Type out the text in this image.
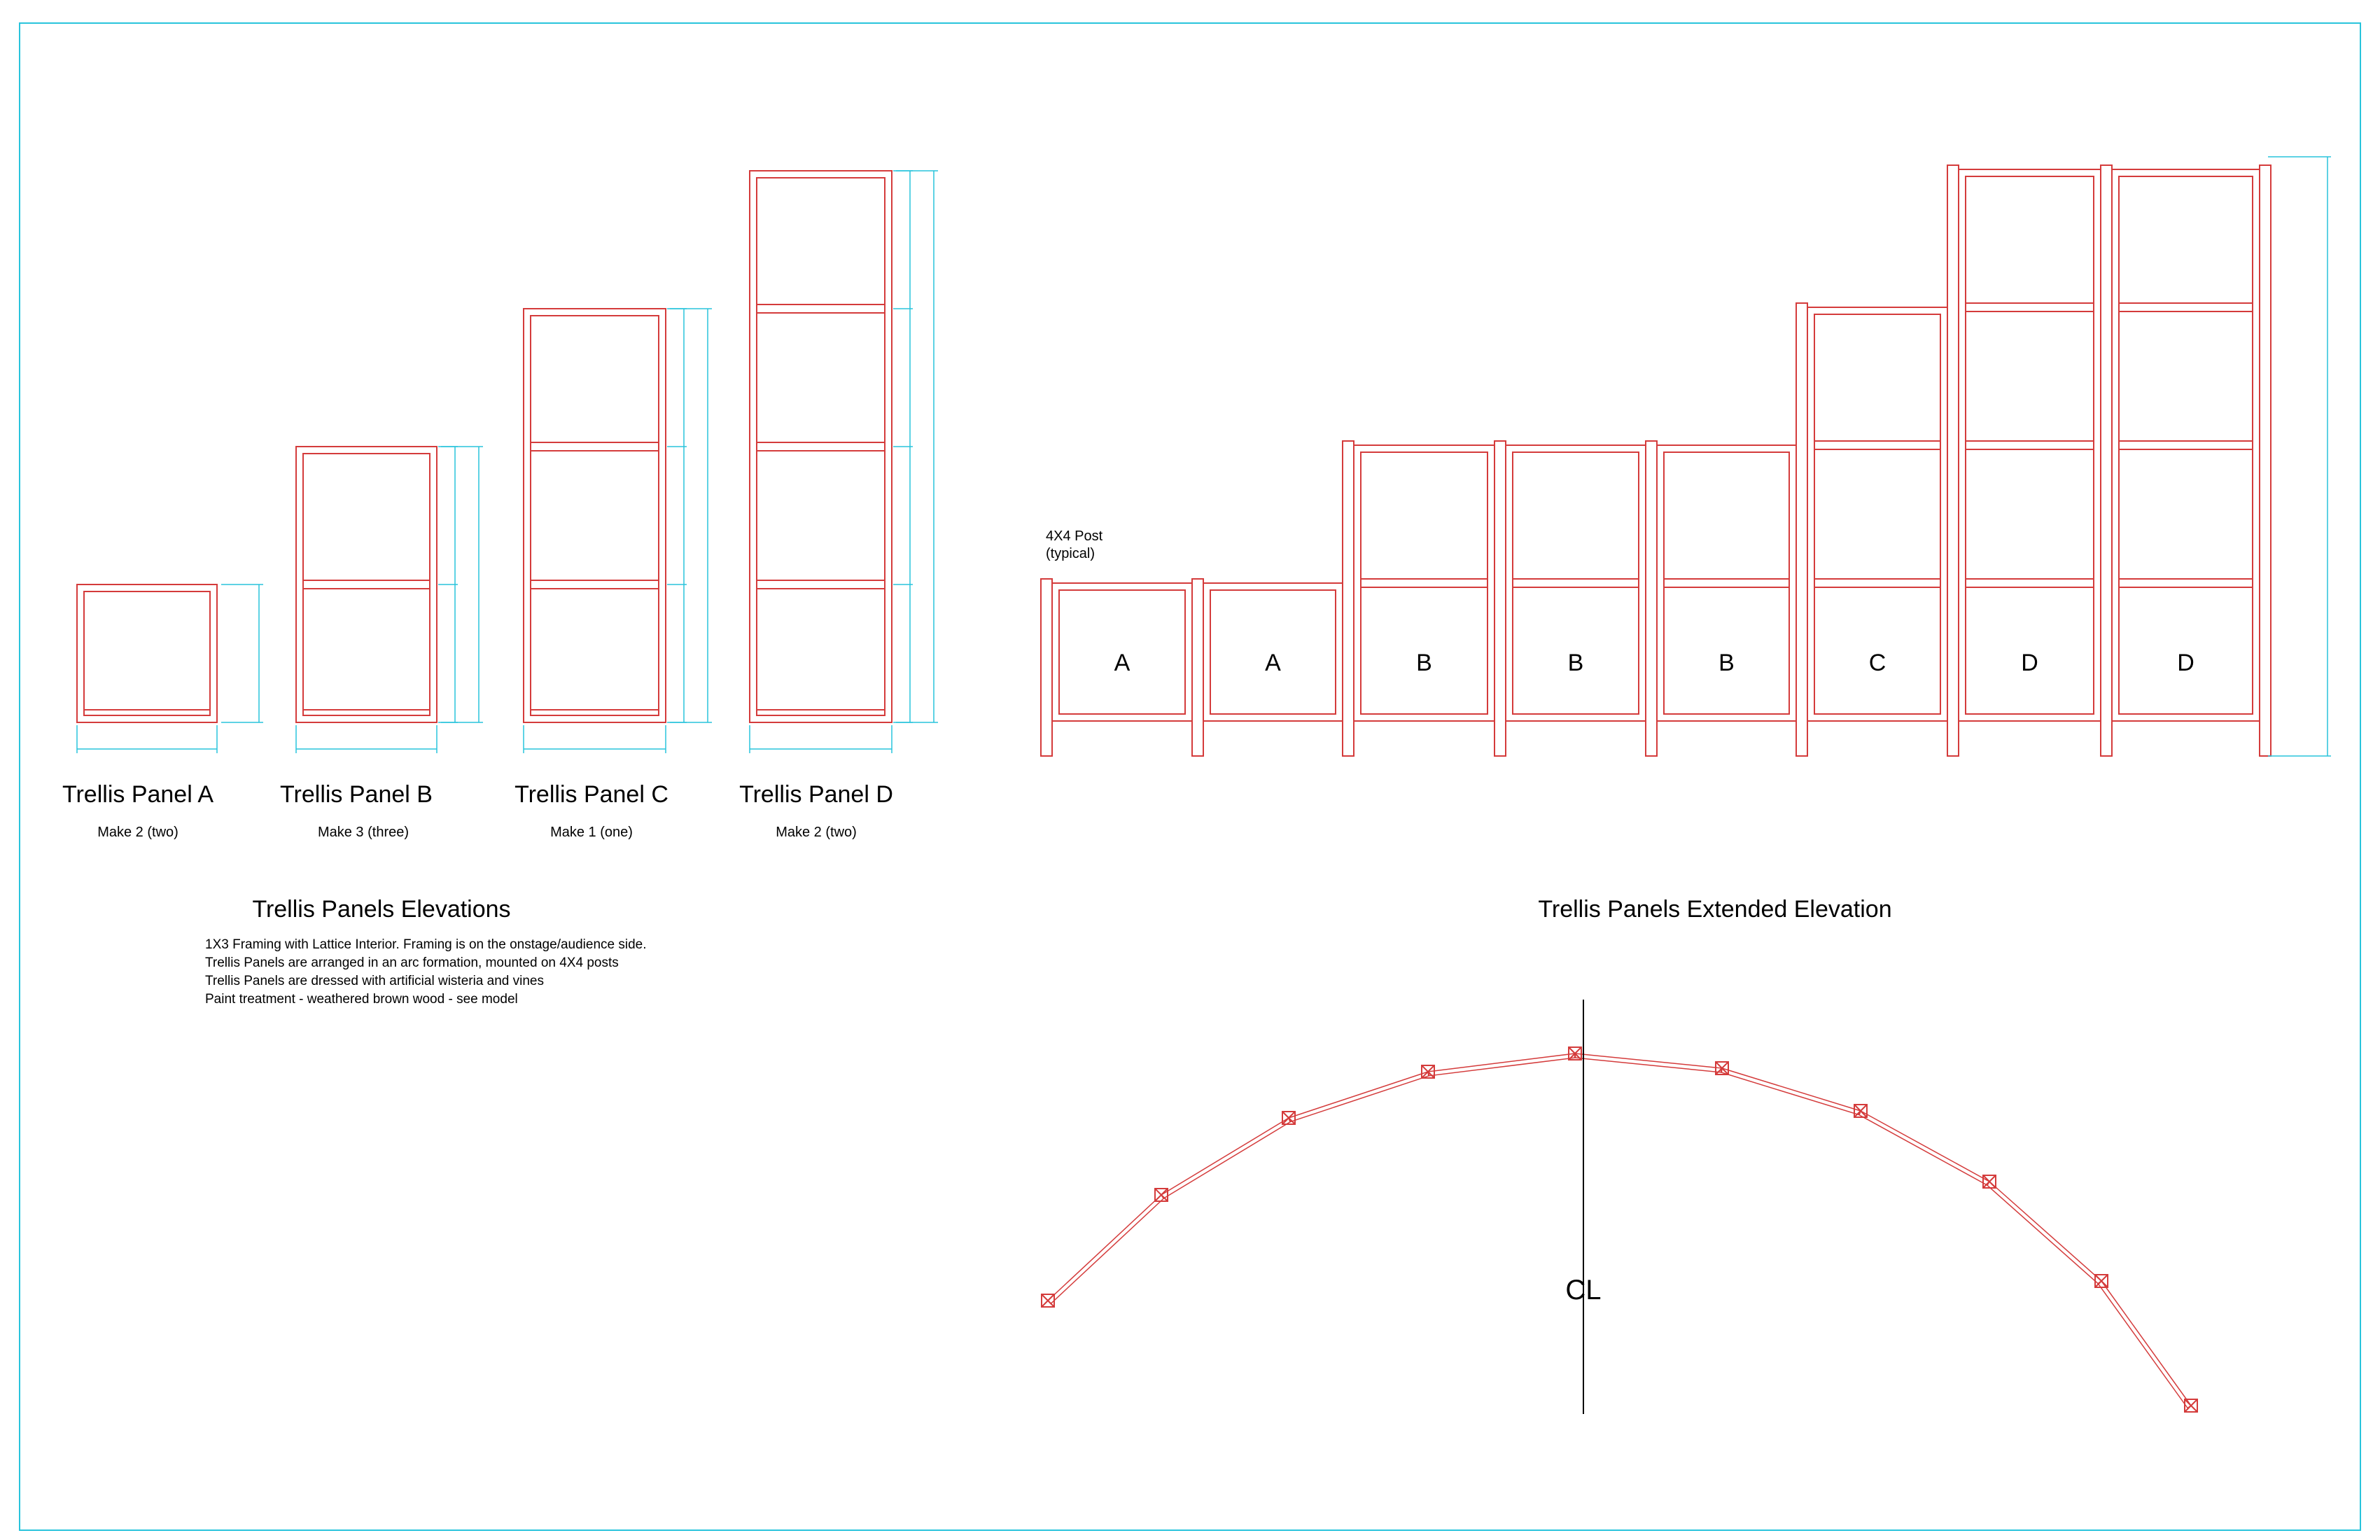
Trellis Panel A
Make 2 (two)
Trellis Panel B
Make 3 (three)
Trellis Panel C
Make 1 (one)
Trellis Panel D
Make 2 (two)
Trellis Panels Elevations
1X3 Framing with Lattice Interior. Framing is on the onstage/audience side.
Trellis Panels are arranged in an arc formation, mounted on 4X4 posts
Trellis Panels are dressed with artificial wisteria and vines
Paint treatment - weathered brown wood - see model
A	A	B	B	B	C	D	D
4X4 Post
(typical)
Trellis Panels Extended Elevation
CL
